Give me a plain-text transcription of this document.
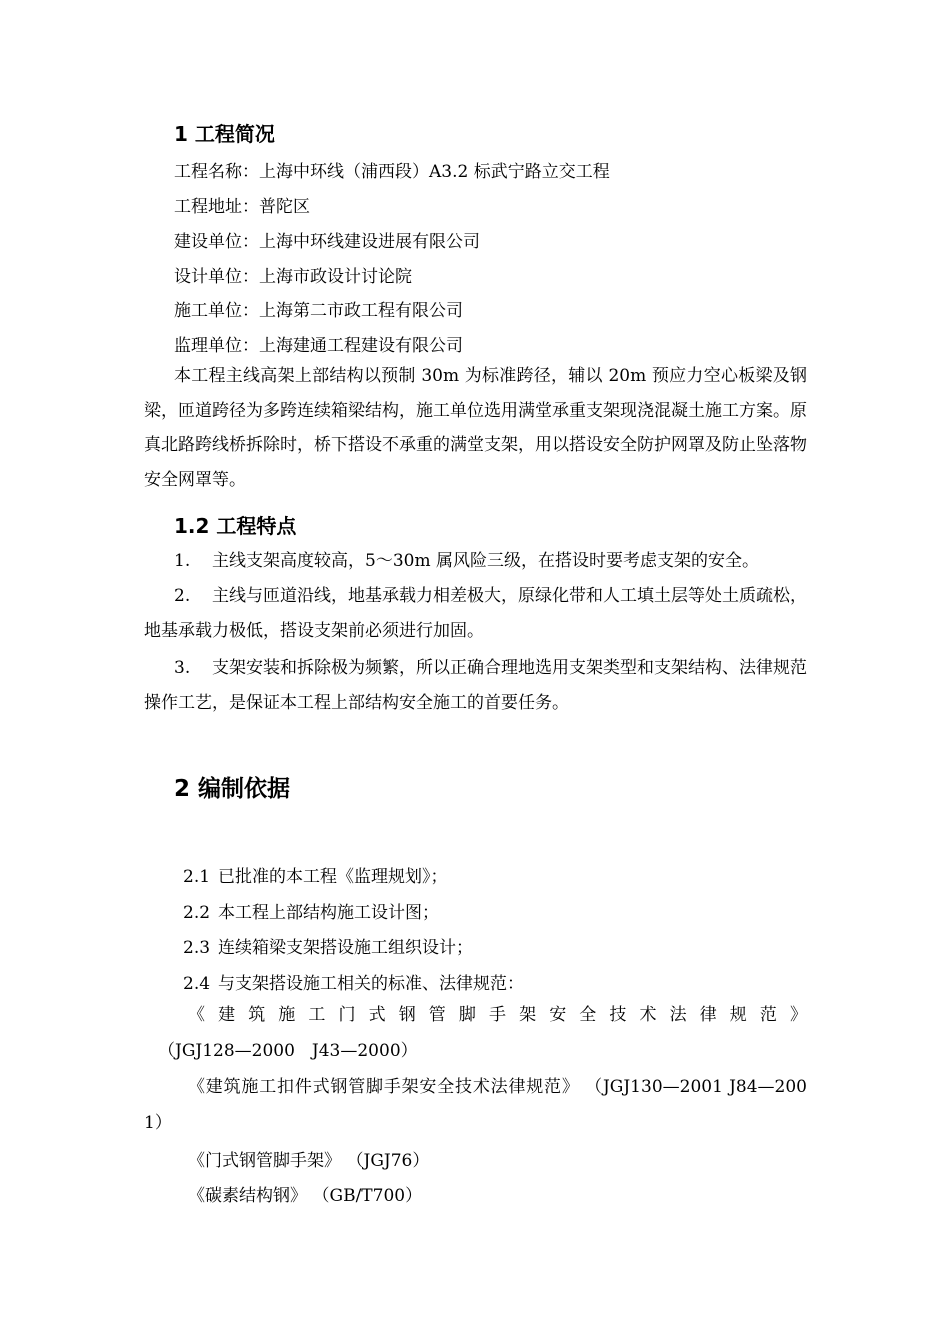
1 工程简况
工程名称：上海中环线（浦西段）A3.2 标武宁路立交工程
工程地址：普陀区
建设单位：上海中环线建设进展有限公司
设计单位：上海市政设计讨论院
施工单位：上海第二市政工程有限公司
监理单位：上海建通工程建设有限公司
本工程主线高架上部结构以预制 30m 为标准跨径，辅以 20m 预应力空心板梁及钢梁，匝道跨径为多跨连续箱梁结构，施工单位选用满堂承重支架现浇混凝土施工方案。原真北路跨线桥拆除时，桥下搭设不承重的满堂支架，用以搭设安全防护网罩及防止坠落物安全网罩等。
1.2 工程特点
1. 主线支架高度较高，5～30m 属风险三级，在搭设时要考虑支架的安全。
2. 主线与匝道沿线，地基承载力相差极大，原绿化带和人工填土层等处土质疏松，地基承载力极低，搭设支架前必须进行加固。
3. 支架安装和拆除极为频繁，所以正确合理地选用支架类型和支架结构、法律规范操作工艺，是保证本工程上部结构安全施工的首要任务。
2 编制依据
2.1 已批准的本工程《监理规划》；
2.2 本工程上部结构施工设计图；
2.3 连续箱梁支架搭设施工组织设计；
2.4 与支架搭设施工相关的标准、法律规范：
《建筑施工门式钢管脚手架安全技术法律规范》（JGJ128—2000　J43—2000）
《建筑施工扣件式钢管脚手架安全技术法律规范》 （JGJ130—2001 J84—2001）
《门式钢管脚手架》 （JGJ76）
《碳素结构钢》 （GB/T700）
